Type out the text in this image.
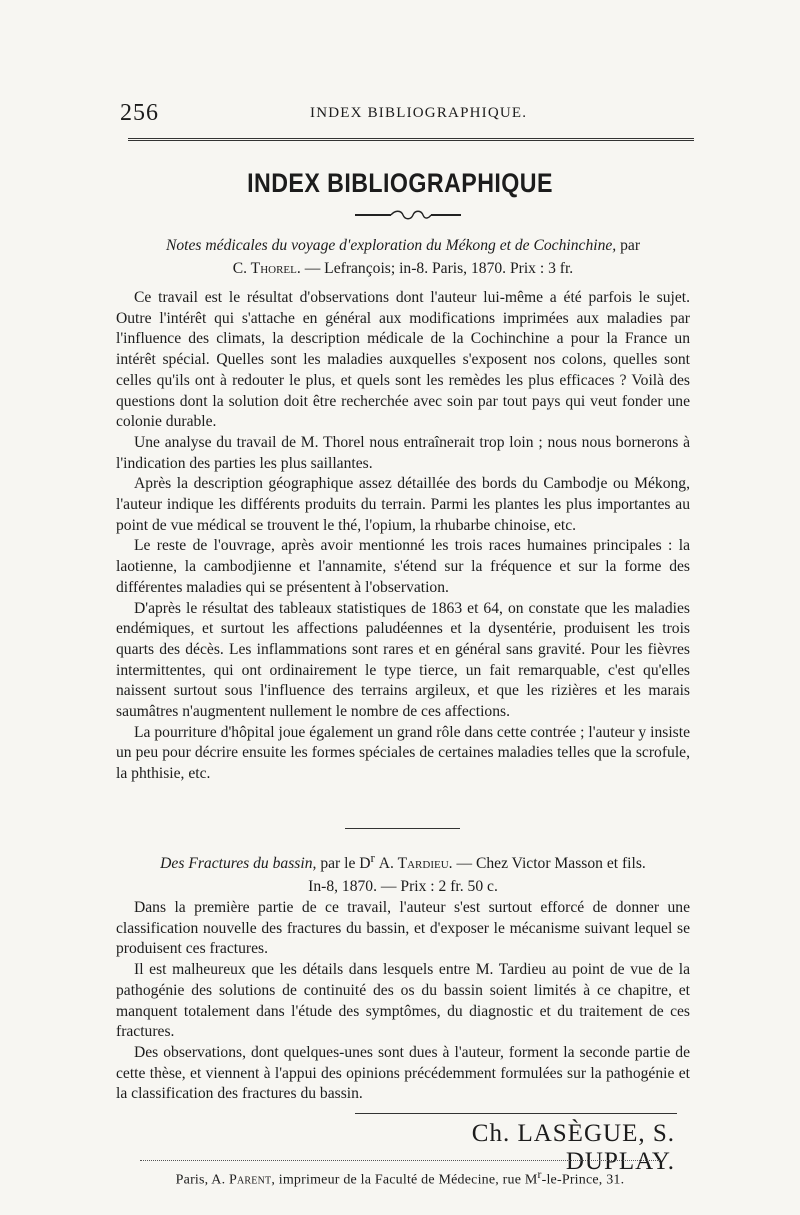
256	INDEX BIBLIOGRAPHIQUE.
INDEX BIBLIOGRAPHIQUE
Notes médicales du voyage d'exploration du Mékong et de Cochinchine, par
C. Thorel. — Lefrançois; in-8. Paris, 1870. Prix : 3 fr.

Ce travail est le résultat d'observations dont l'auteur lui-même a été parfois le sujet. Outre l'intérêt qui s'attache en général aux modifications imprimées aux maladies par l'influence des climats, la description médicale de la Cochinchine a pour la France un intérêt spécial. Quelles sont les maladies auxquelles s'exposent nos colons, quelles sont celles qu'ils ont à redouter le plus, et quels sont les remèdes les plus efficaces ? Voilà des questions dont la solution doit être recherchée avec soin par tout pays qui veut fonder une colonie durable.

Une analyse du travail de M. Thorel nous entraînerait trop loin ; nous nous bornerons à l'indication des parties les plus saillantes.

Après la description géographique assez détaillée des bords du Cambodje ou Mékong, l'auteur indique les différents produits du terrain. Parmi les plantes les plus importantes au point de vue médical se trouvent le thé, l'opium, la rhubarbe chinoise, etc.

Le reste de l'ouvrage, après avoir mentionné les trois races humaines principales : la laotienne, la cambodjienne et l'annamite, s'étend sur la fréquence et sur la forme des différentes maladies qui se présentent à l'observation.

D'après le résultat des tableaux statistiques de 1863 et 64, on constate que les maladies endémiques, et surtout les affections paludéennes et la dysentérie, produisent les trois quarts des décès. Les inflammations sont rares et en général sans gravité. Pour les fièvres intermittentes, qui ont ordinairement le type tierce, un fait remarquable, c'est qu'elles naissent surtout sous l'influence des terrains argileux, et que les rizières et les marais saumâtres n'augmentent nullement le nombre de ces affections.

La pourriture d'hôpital joue également un grand rôle dans cette contrée ; l'auteur y insiste un peu pour décrire ensuite les formes spéciales de certaines maladies telles que la scrofule, la phthisie, etc.

Des Fractures du bassin, par le $D^r$ A. Tardieu. — Chez Victor Masson et fils.
In-8, 1870. — Prix : 2 fr. 50 c.

Dans la première partie de ce travail, l'auteur s'est surtout efforcé de donner une classification nouvelle des fractures du bassin, et d'exposer le mécanisme suivant lequel se produisent ces fractures.

Il est malheureux que les détails dans lesquels entre M. Tardieu au point de vue de la pathogénie des solutions de continuité des os du bassin soient limités à ce chapitre, et manquent totalement dans l'étude des symptômes, du diagnostic et du traitement de ces fractures.

Des observations, dont quelques-unes sont dues à l'auteur, forment la seconde partie de cette thèse, et viennent à l'appui des opinions précédemment formulées sur la pathogénie et la classification des fractures du bassin.

Ch. LASÈGUE, S. DUPLAY.
Paris, A. Parent, imprimeur de la Faculté de Médecine, rue $M^r-le$-Prince, 31.
